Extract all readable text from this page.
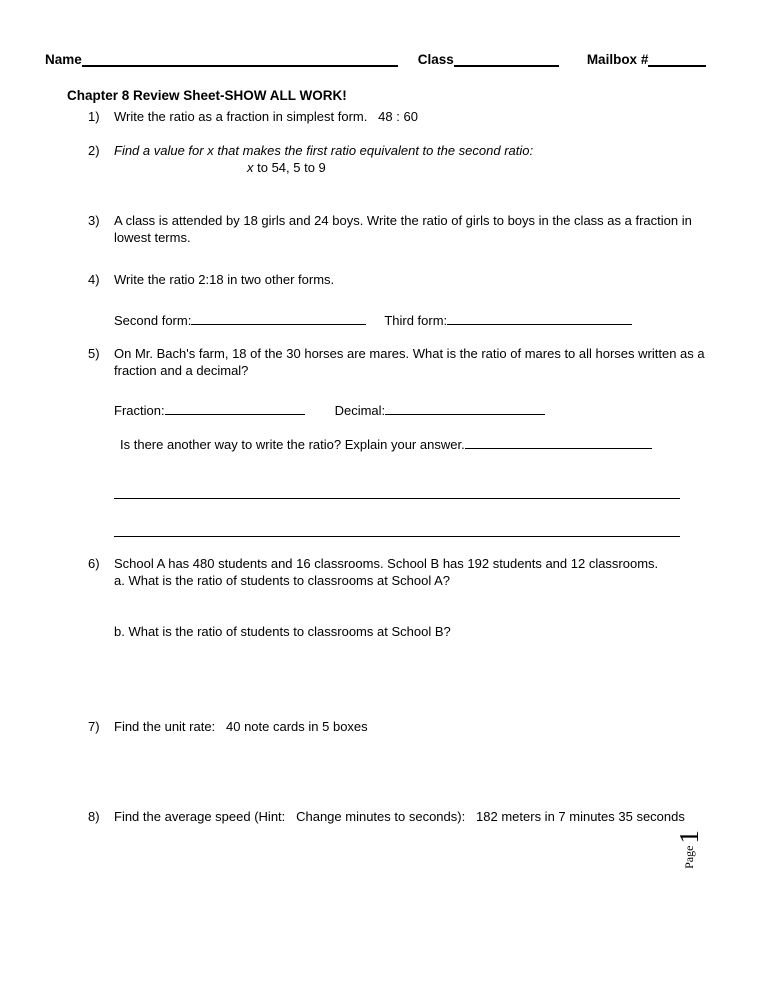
Name	Class	Mailbox #
Chapter 8 Review Sheet-SHOW ALL WORK!
1)	Write the ratio as a fraction in simplest form.   48 : 60
2)	Find a value for x that makes the first ratio equivalent to the second ratio:
x to 54, 5 to 9
3)	A class is attended by 18 girls and 24 boys. Write the ratio of girls to boys in the class as a fraction in lowest terms.
4)	Write the ratio 2:18 in two other forms.
Second form:	Third form:
5)	On Mr. Bach's farm, 18 of the 30 horses are mares. What is the ratio of mares to all horses written as a fraction and a decimal?
Fraction:	Decimal:
Is there another way to write the ratio? Explain your answer.
6)	School A has 480 students and 16 classrooms. School B has 192 students and 12 classrooms.
a. What is the ratio of students to classrooms at School A?
b. What is the ratio of students to classrooms at School B?
7)	Find the unit rate:   40 note cards in 5 boxes
8)	Find the average speed (Hint:   Change minutes to seconds):   182 meters in 7 minutes 35 seconds
Page
1
